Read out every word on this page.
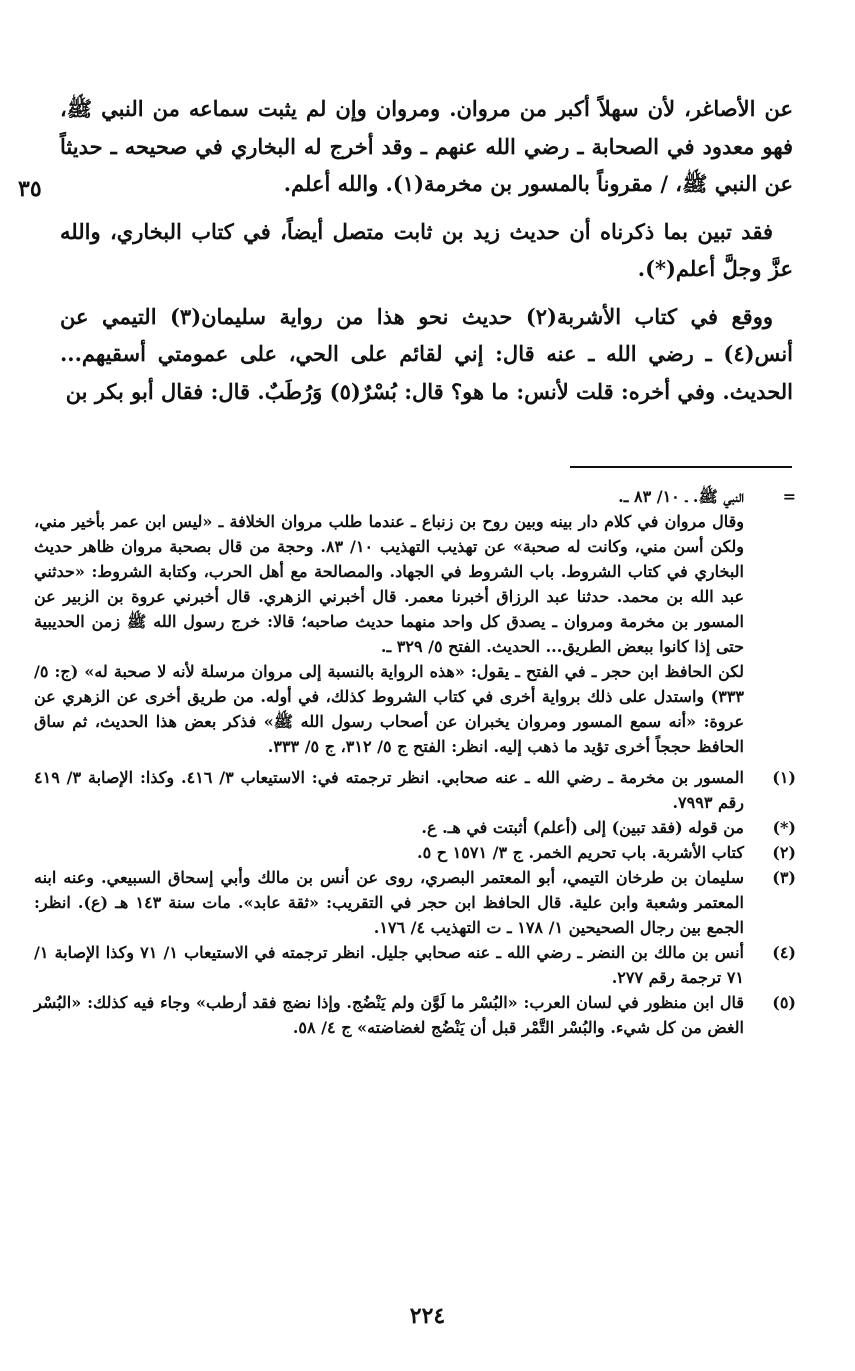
عن الأصاغر، لأن سهلاً أكبر من مروان. ومروان وإن لم يثبت سماعه من النبي ﷺ، فهو معدود في الصحابة ـ رضي الله عنهم ـ وقد أخرج له البخاري في صحيحه ـ حديثاً عن النبي ﷺ، / مقروناً بالمسور بن مخرمة(١). والله أعلم.

فقد تبين بما ذكرناه أن حديث زيد بن ثابت متصل أيضاً، في كتاب البخاري، والله عزَّ وجلَّ أعلم(*).

ووقع في كتاب الأشربة(٢) حديث نحو هذا من رواية سليمان(٣) التيمي عن أنس(٤) ـ رضي الله ـ عنه قال: إني لقائم على الحي، على عمومتي أسقيهم... الحديث. وفي أخره: قلت لأنس: ما هو؟ قال: بُسْرٌ(٥) وَرُطَبٌ. قال: فقال أبو بكر بن

٣٥
=
النبي ﷺ. ـ ١٠/ ٨٣ ـ.
وقال مروان في كلام دار بينه وبين روح بن زنباع ـ عندما طلب مروان الخلافة ـ «ليس ابن عمر بأخير مني، ولكن أسن مني، وكانت له صحبة» عن تهذيب التهذيب ١٠/ ٨٣. وحجة من قال بصحبة مروان ظاهر حديث البخاري في كتاب الشروط. باب الشروط في الجهاد. والمصالحة مع أهل الحرب، وكتابة الشروط: «حدثني عبد الله بن محمد. حدثنا عبد الرزاق أخبرنا معمر. قال أخبرني الزهري. قال أخبرني عروة بن الزبير عن المسور بن مخرمة ومروان ـ يصدق كل واحد منهما حديث صاحبه؛ قالا: خرج رسول الله ﷺ زمن الحديبية حتى إذا كانوا ببعض الطريق... الحديث. الفتح ٥/ ٣٢٩ ـ.
لكن الحافظ ابن حجر ـ في الفتح ـ يقول: «هذه الرواية بالنسبة إلى مروان مرسلة لأنه لا صحبة له» (ج: ٥/ ٣٣٣) واستدل على ذلك برواية أخرى في كتاب الشروط كذلك، في أوله. من طريق أخرى عن الزهري عن عروة: «أنه سمع المسور ومروان يخبران عن أصحاب رسول الله ﷺ» فذكر بعض هذا الحديث، ثم ساق الحافظ حججاً أخرى تؤيد ما ذهب إليه. انظر: الفتح ج ٥/ ٣١٢، ج ٥/ ٣٣٣.
(١)
المسور بن مخرمة ـ رضي الله ـ عنه صحابي. انظر ترجمته في: الاستيعاب ٣/ ٤١٦. وكذا: الإصابة ٣/ ٤١٩ رقم ٧٩٩٣.
(*)
من قوله (فقد تبين) إلى (أعلم) أثبتت في هـ. ع.
(٢)
كتاب الأشربة. باب تحريم الخمر. ج ٣/ ١٥٧١ ح ٥.
(٣)
سليمان بن طرخان التيمي، أبو المعتمر البصري، روى عن أنس بن مالك وأبي إسحاق السبيعي. وعنه ابنه المعتمر وشعبة وابن علية. قال الحافظ ابن حجر في التقريب: «ثقة عابد». مات سنة ١٤٣ هـ (ع). انظر: الجمع بين رجال الصحيحين ١/ ١٧٨ ـ ت التهذيب ٤/ ١٧٦.
(٤)
أنس بن مالك بن النضر ـ رضي الله ـ عنه صحابي جليل. انظر ترجمته في الاستيعاب ١/ ٧١ وكذا الإصابة ١/ ٧١ ترجمة رقم ٢٧٧.
(٥)
قال ابن منظور في لسان العرب: «البُسْر ما لَوَّن ولم يَنْضُج. وإذا نضج فقد أرطب» وجاء فيه كذلك: «البُسْر الغض من كل شيء. والبُسْر التَّمْر قبل أن يَنْضُج لغضاضته» ج ٤/ ٥٨.
٢٢٤
